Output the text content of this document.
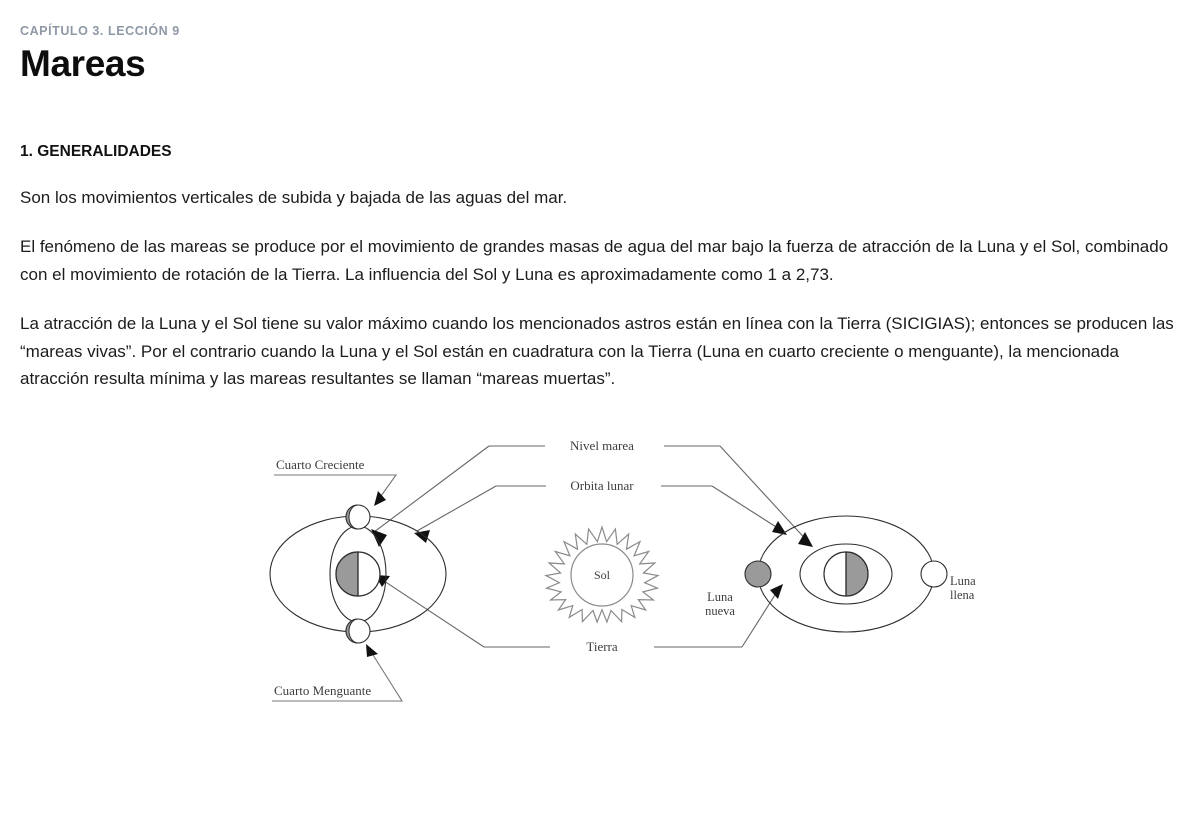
CAPÍTULO 3. LECCIÓN 9
Mareas
1. GENERALIDADES

Son los movimientos verticales de subida y bajada de las aguas del mar.

El fenómeno de las mareas se produce por el movimiento de grandes masas de agua del mar bajo la fuerza de atracción de la Luna y el Sol, combinado con el movimiento de rotación de la Tierra. La influencia del Sol y Luna es aproximadamente como 1 a 2,73.

La atracción de la Luna y el Sol tiene su valor máximo cuando los mencionados astros están en línea con la Tierra (SICIGIAS); entonces se producen las “mareas vivas”. Por el contrario cuando la Luna y el Sol están en cuadratura con la Tierra (Luna en cuarto creciente o menguante), la mencionada atracción resulta mínima y las mareas resultantes se llaman “mareas muertas”.

Nivel marea
Orbita lunar
Tierra
Cuarto Creciente
Cuarto Menguante
Sol
Luna
nueva
Luna
llena
